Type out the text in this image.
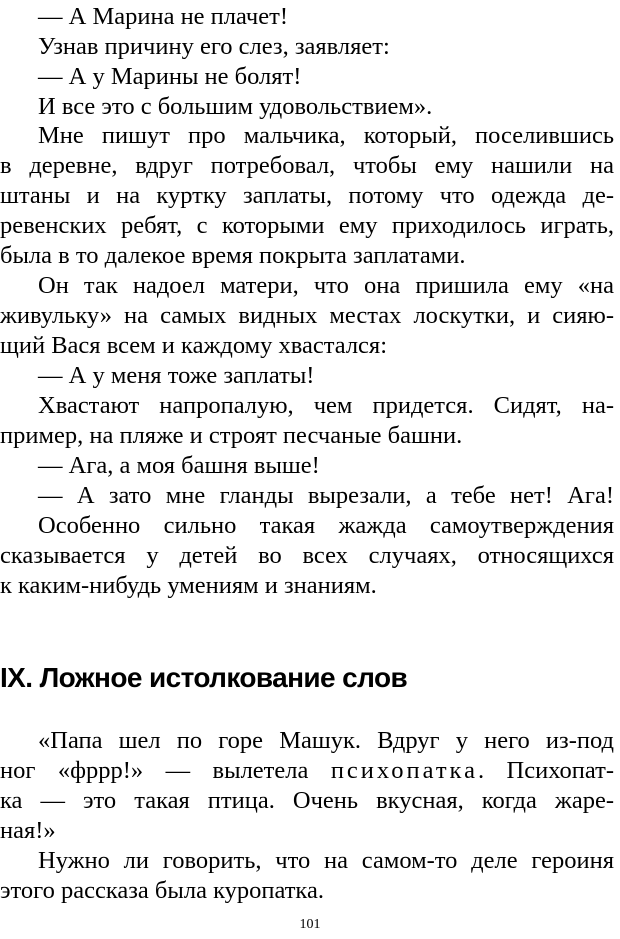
— А Марина не плачет!
Узнав причину его слез, заявляет:
— А у Марины не болят!
И все это с большим удовольствием».
Мне пишут про мальчика, который, поселившись
в деревне, вдруг потребовал, чтобы ему нашили на
штаны и на куртку заплаты, потому что одежда де-
ревенских ребят, с которыми ему приходилось играть,
была в то далекое время покрыта заплатами.
Он так надоел матери, что она пришила ему «на
живульку» на самых видных местах лоскутки, и сияю-
щий Вася всем и каждому хвастался:
— А у меня тоже заплаты!
Хвастают напропалую, чем придется. Сидят, на-
пример, на пляже и строят песчаные башни.
— Ага, а моя башня выше!
— А зато мне гланды вырезали, а тебе нет! Ага!
Особенно сильно такая жажда самоутверждения
сказывается у детей во всех случаях, относящихся
к каким-нибудь умениям и знаниям.
IX. Ложное истолкование слов
«Папа шел по горе Машук. Вдруг у него из-под
ног «фррр!» — вылетела психопатка. Психопат-
ка — это такая птица. Очень вкусная, когда жаре-
ная!»
Нужно ли говорить, что на самом-то деле героиня
этого рассказа была куропатка.
101
